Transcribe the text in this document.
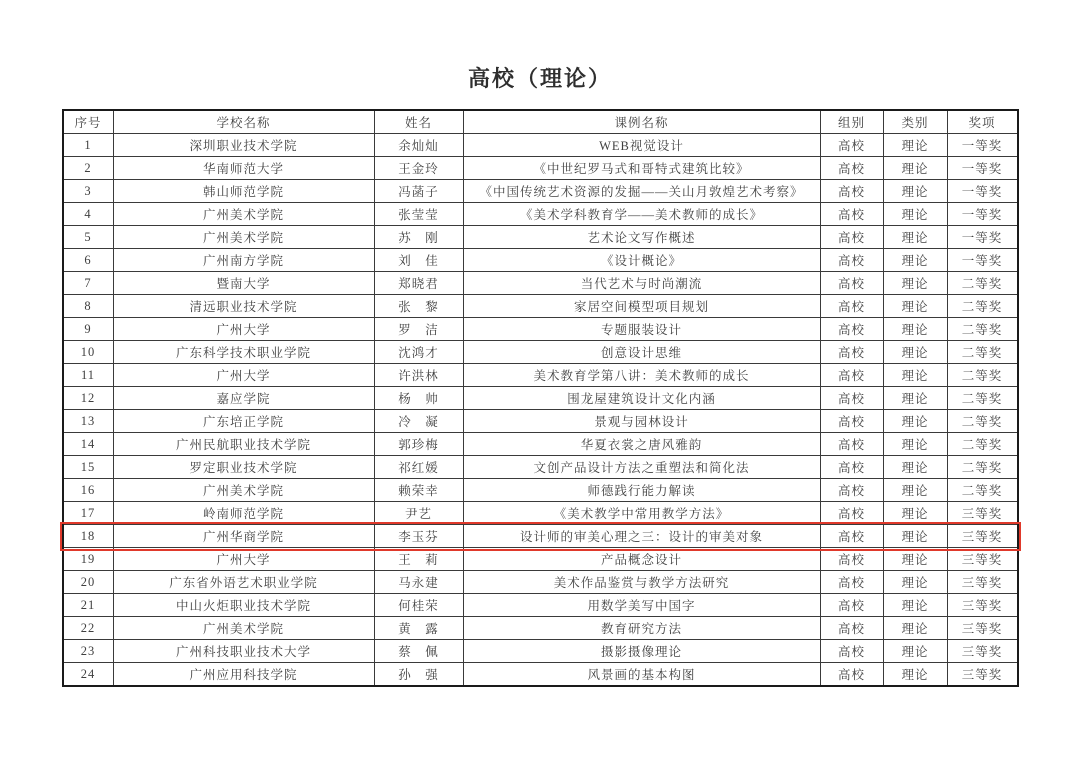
高校（理论）
序号	学校名称	姓名	课例名称	组别	类别	奖项
1	深圳职业技术学院	余灿灿	WEB视觉设计	高校	理论	一等奖
2	华南师范大学	王金玲	《中世纪罗马式和哥特式建筑比较》	高校	理论	一等奖
3	韩山师范学院	冯菡子	《中国传统艺术资源的发掘——关山月敦煌艺术考察》	高校	理论	一等奖
4	广州美术学院	张莹莹	《美术学科教育学——美术教师的成长》	高校	理论	一等奖
5	广州美术学院	苏　刚	艺术论文写作概述	高校	理论	一等奖
6	广州南方学院	刘　佳	《设计概论》	高校	理论	一等奖
7	暨南大学	郑晓君	当代艺术与时尚潮流	高校	理论	二等奖
8	清远职业技术学院	张　黎	家居空间模型项目规划	高校	理论	二等奖
9	广州大学	罗　洁	专题服装设计	高校	理论	二等奖
10	广东科学技术职业学院	沈鸿才	创意设计思维	高校	理论	二等奖
11	广州大学	许洪林	美术教育学第八讲：美术教师的成长	高校	理论	二等奖
12	嘉应学院	杨　帅	围龙屋建筑设计文化内涵	高校	理论	二等奖
13	广东培正学院	冷　凝	景观与园林设计	高校	理论	二等奖
14	广州民航职业技术学院	郭珍梅	华夏衣裳之唐风雅韵	高校	理论	二等奖
15	罗定职业技术学院	祁红媛	文创产品设计方法之重塑法和简化法	高校	理论	二等奖
16	广州美术学院	赖荣幸	师德践行能力解读	高校	理论	二等奖
17	岭南师范学院	尹艺	《美术教学中常用教学方法》	高校	理论	三等奖
18	广州华商学院	李玉芬	设计师的审美心理之三：设计的审美对象	高校	理论	三等奖
19	广州大学	王　莉	产品概念设计	高校	理论	三等奖
20	广东省外语艺术职业学院	马永建	美术作品鉴赏与教学方法研究	高校	理论	三等奖
21	中山火炬职业技术学院	何桂荣	用数学美写中国字	高校	理论	三等奖
22	广州美术学院	黄　露	教育研究方法	高校	理论	三等奖
23	广州科技职业技术大学	蔡　佩	摄影摄像理论	高校	理论	三等奖
24	广州应用科技学院	孙　强	风景画的基本构图	高校	理论	三等奖
